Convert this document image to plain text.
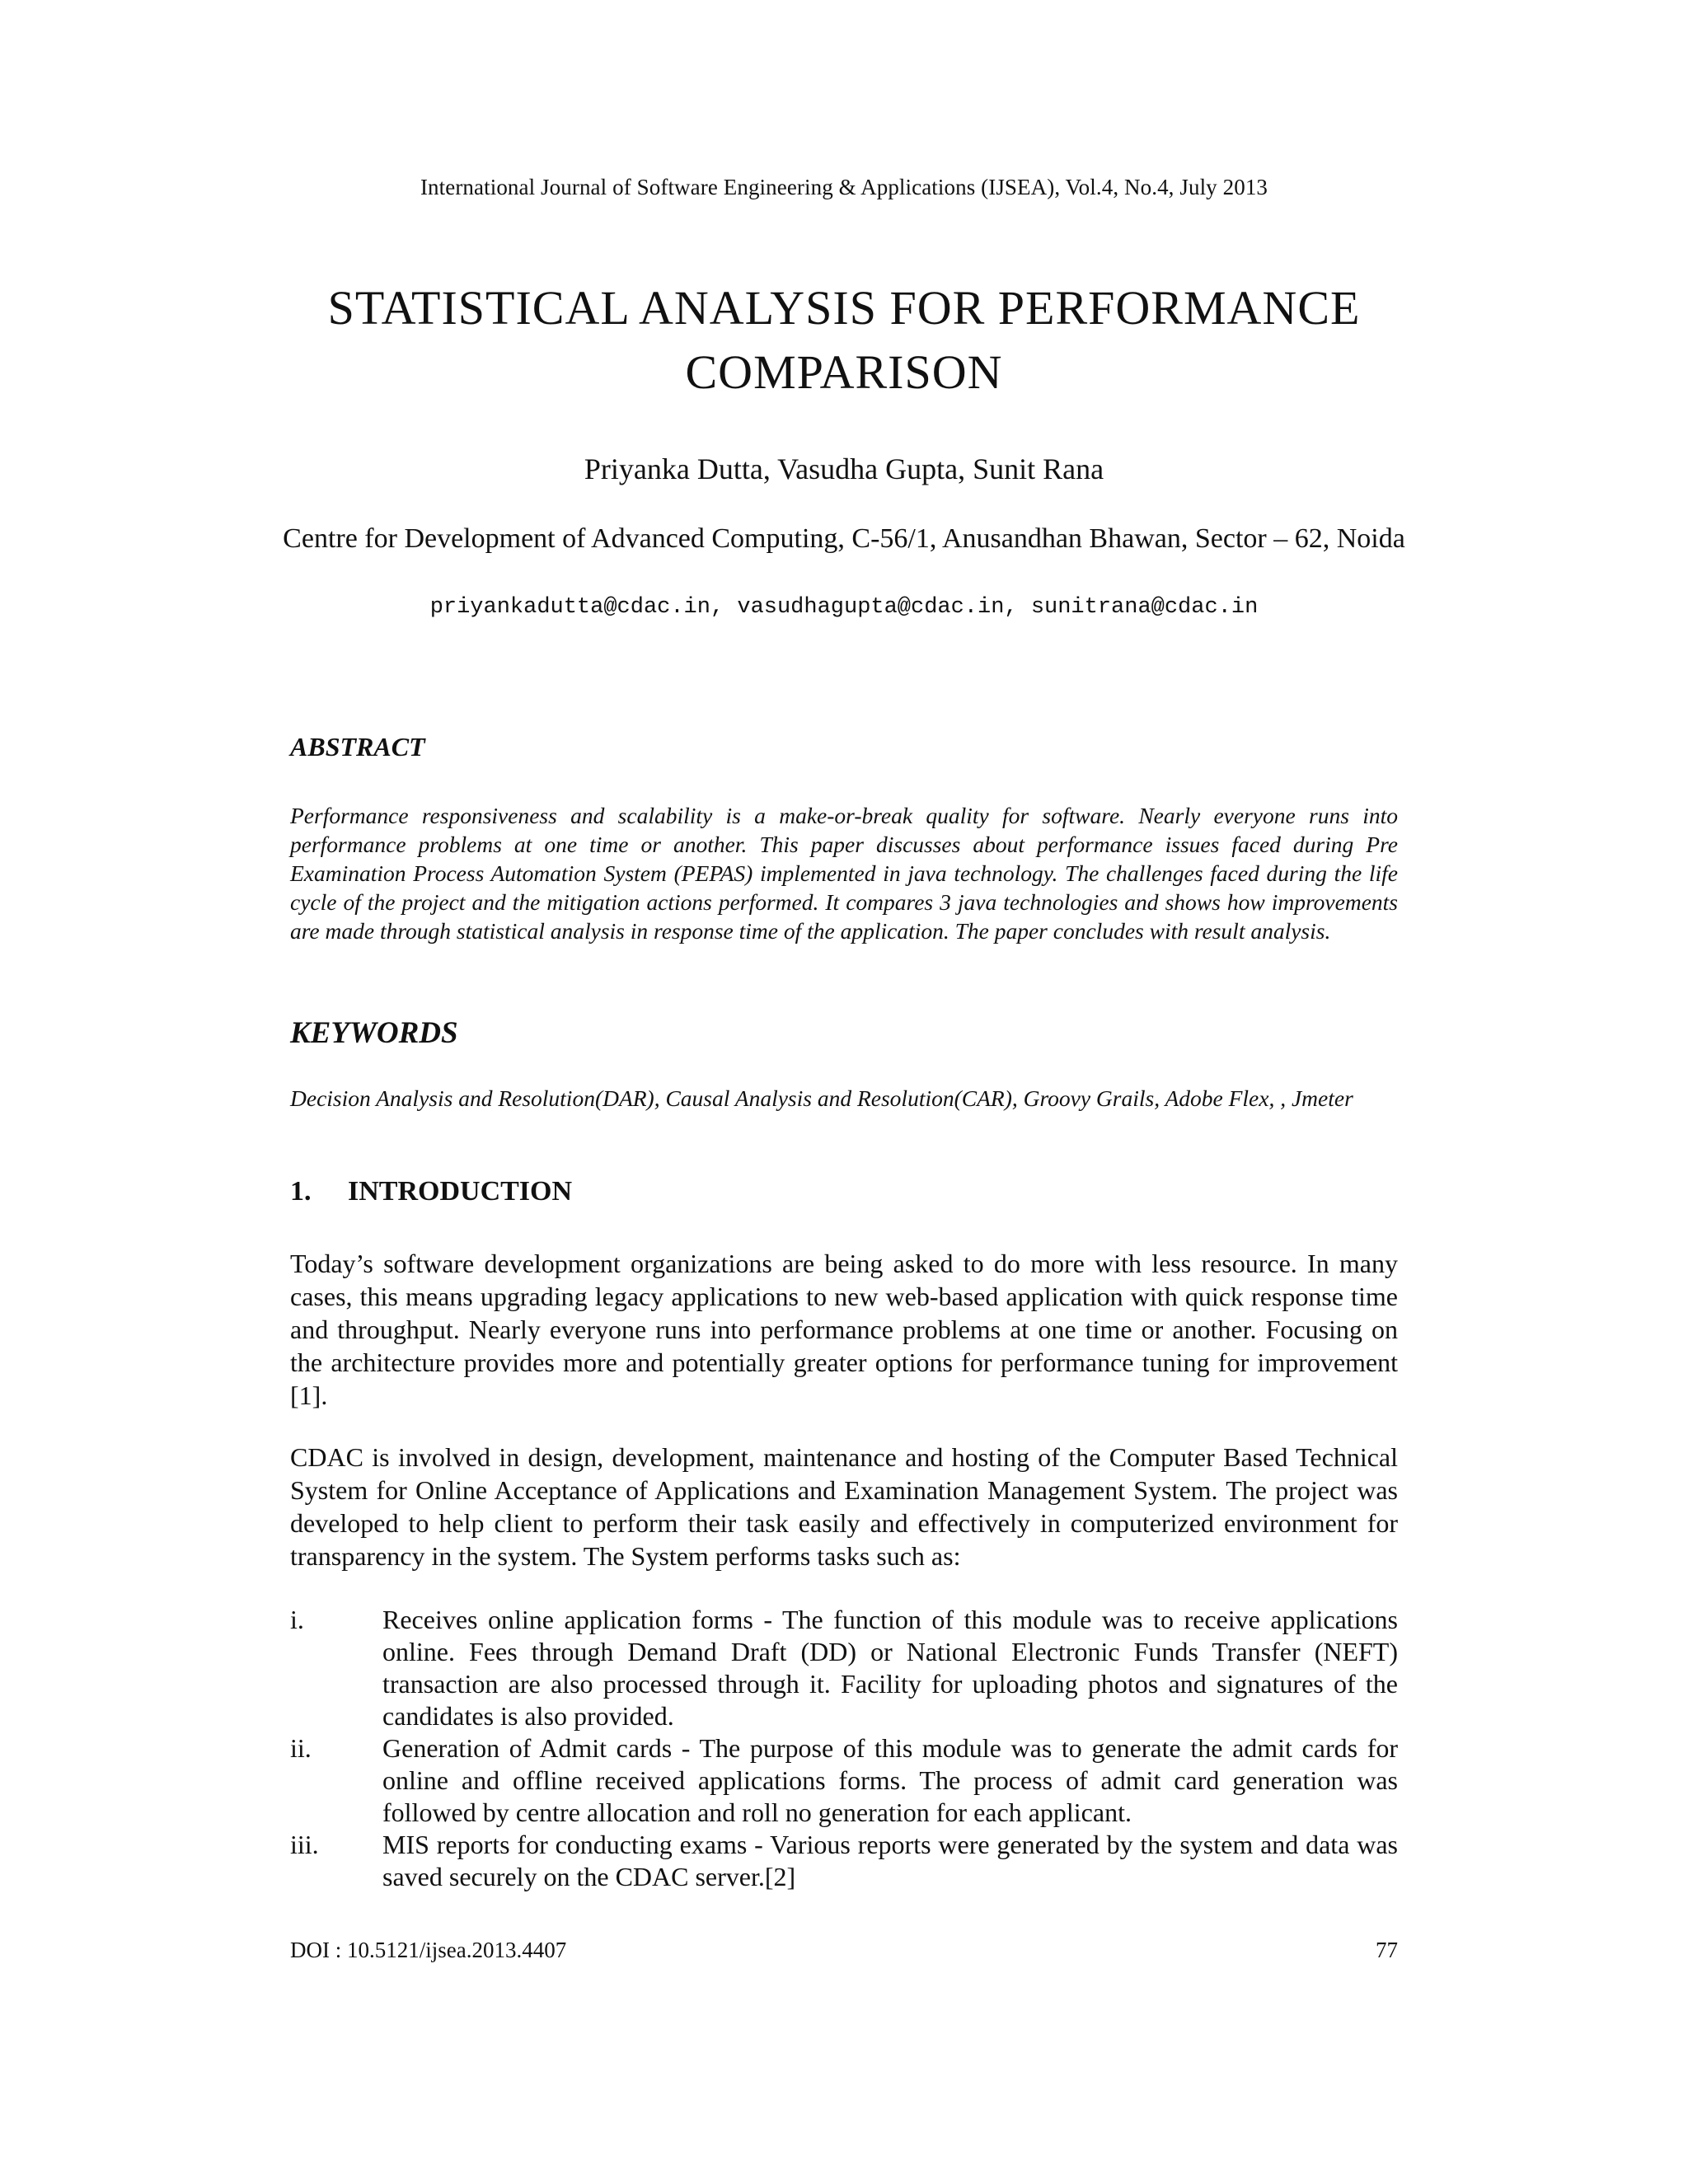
International Journal of Software Engineering & Applications (IJSEA), Vol.4, No.4, July 2013
STATISTICAL ANALYSIS FOR PERFORMANCE COMPARISON
Priyanka Dutta, Vasudha Gupta, Sunit Rana
Centre for Development of Advanced Computing, C-56/1, Anusandhan Bhawan, Sector – 62, Noida
priyankadutta@cdac.in, vasudhagupta@cdac.in, sunitrana@cdac.in
ABSTRACT
Performance responsiveness and scalability is a make-or-break quality for software. Nearly everyone runs into performance problems at one time or another. This paper discusses about performance issues faced during Pre Examination Process Automation System (PEPAS) implemented in java technology. The challenges faced during the life cycle of the project and the mitigation actions performed. It compares 3 java technologies and shows how improvements are made through statistical analysis in response time of the application. The paper concludes with result analysis.
KEYWORDS
Decision Analysis and Resolution(DAR), Causal Analysis and Resolution(CAR), Groovy Grails, Adobe Flex, , Jmeter
1. INTRODUCTION
Today’s software development organizations are being asked to do more with less resource. In many cases, this means upgrading legacy applications to new web-based application with quick response time and throughput. Nearly everyone runs into performance problems at one time or another. Focusing on the architecture provides more and potentially greater options for performance tuning for improvement [1].
CDAC is involved in design, development, maintenance and hosting of the Computer Based Technical System for Online Acceptance of Applications and Examination Management System. The project was developed to help client to perform their task easily and effectively in computerized environment for transparency in the system. The System performs tasks such as:
i.	Receives online application forms - The function of this module was to receive applications online. Fees through Demand Draft (DD) or National Electronic Funds Transfer (NEFT) transaction are also processed through it. Facility for uploading photos and signatures of the candidates is also provided.
ii.	Generation of Admit cards - The purpose of this module was to generate the admit cards for online and offline received applications forms. The process of admit card generation was followed by centre allocation and roll no generation for each applicant.
iii.	MIS reports for conducting exams - Various reports were generated by the system and data was saved securely on the CDAC server.[2]
DOI : 10.5121/ijsea.2013.4407	77
